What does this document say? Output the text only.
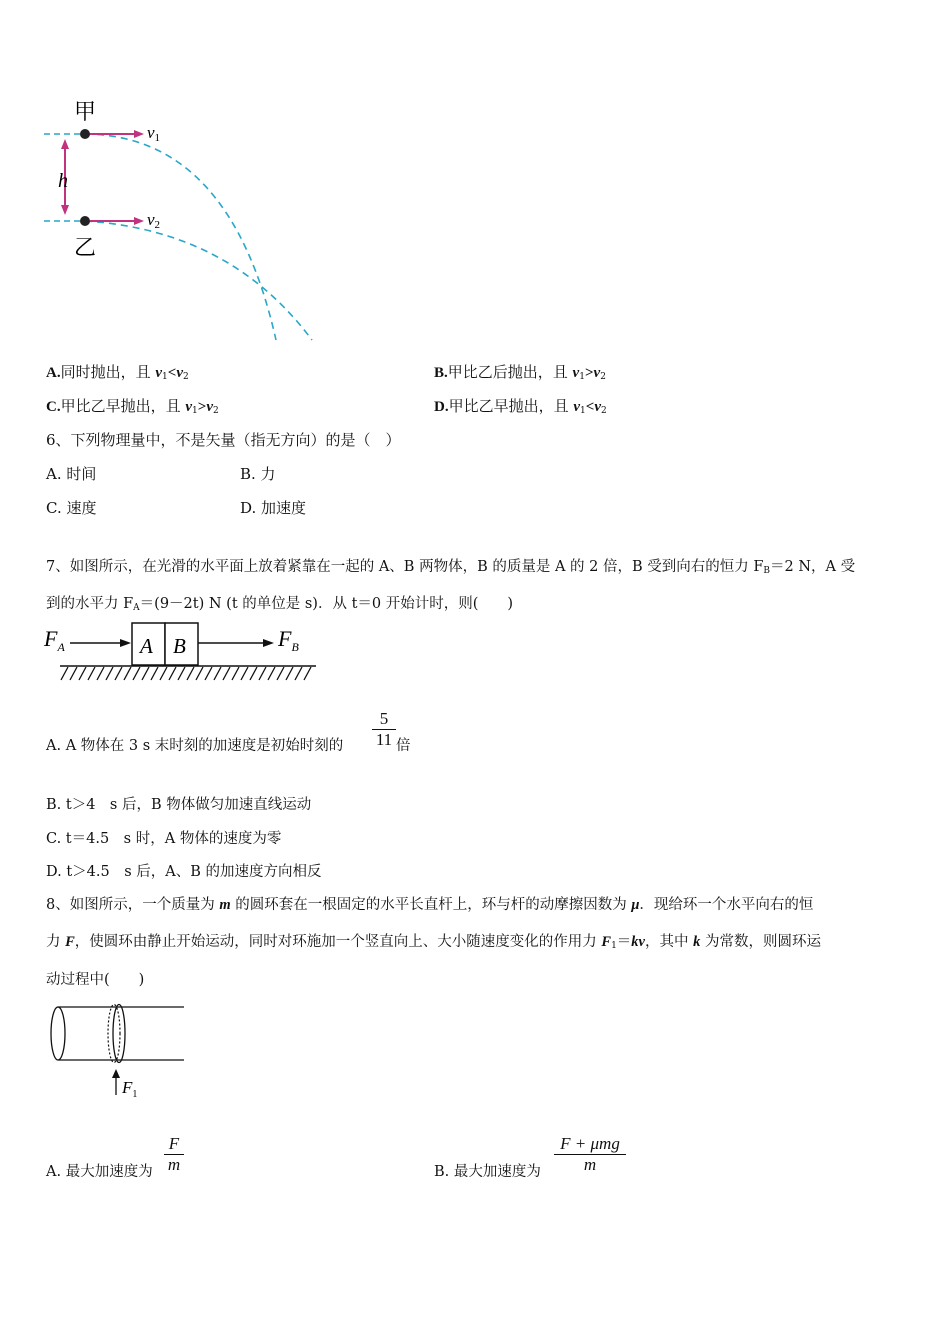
甲
乙
h
v1
v2
A.同时抛出，且 $v_1<v_2$	B.甲比乙后抛出，且 $v_1>v_2$
C.甲比乙早抛出，且 $v_1>v_2$	D.甲比乙早抛出，且 $v_1<v_2$
6、下列物理量中，不是矢量（指无方向）的是（　）
A. 时间	B. 力
C. 速度	D. 加速度
7、如图所示，在光滑的水平面上放着紧靠在一起的 A、B 两物体，B 的质量是 A 的 2 倍，B 受到向右的恒力 $F_B=2$ N，A 受
到的水平力 $F_A=(9-2t)$ N (t 的单位是 s)．从 t＝0 开始计时，则(　　)
$F_A$	A B	$F_B$
A. A 物体在 3 s 末时刻的加速度是初始时刻的
5
11 倍
B. t＞4　s 后，B 物体做匀加速直线运动
C. t＝4.5　s 时，A 物体的速度为零
D. t＞4.5　s 后，A、B 的加速度方向相反
8、如图所示，一个质量为 m 的圆环套在一根固定的水平长直杆上，环与杆的动摩擦因数为 μ．现给环一个水平向右的恒
力 F，使圆环由静止开始运动，同时对环施加一个竖直向上、大小随速度变化的作用力 $F_1=kv$，其中 k 为常数，则圆环运
动过程中(　　)
$F_1$
A. 最大加速度为
F
m	B. 最大加速度为
F + μmg
m
